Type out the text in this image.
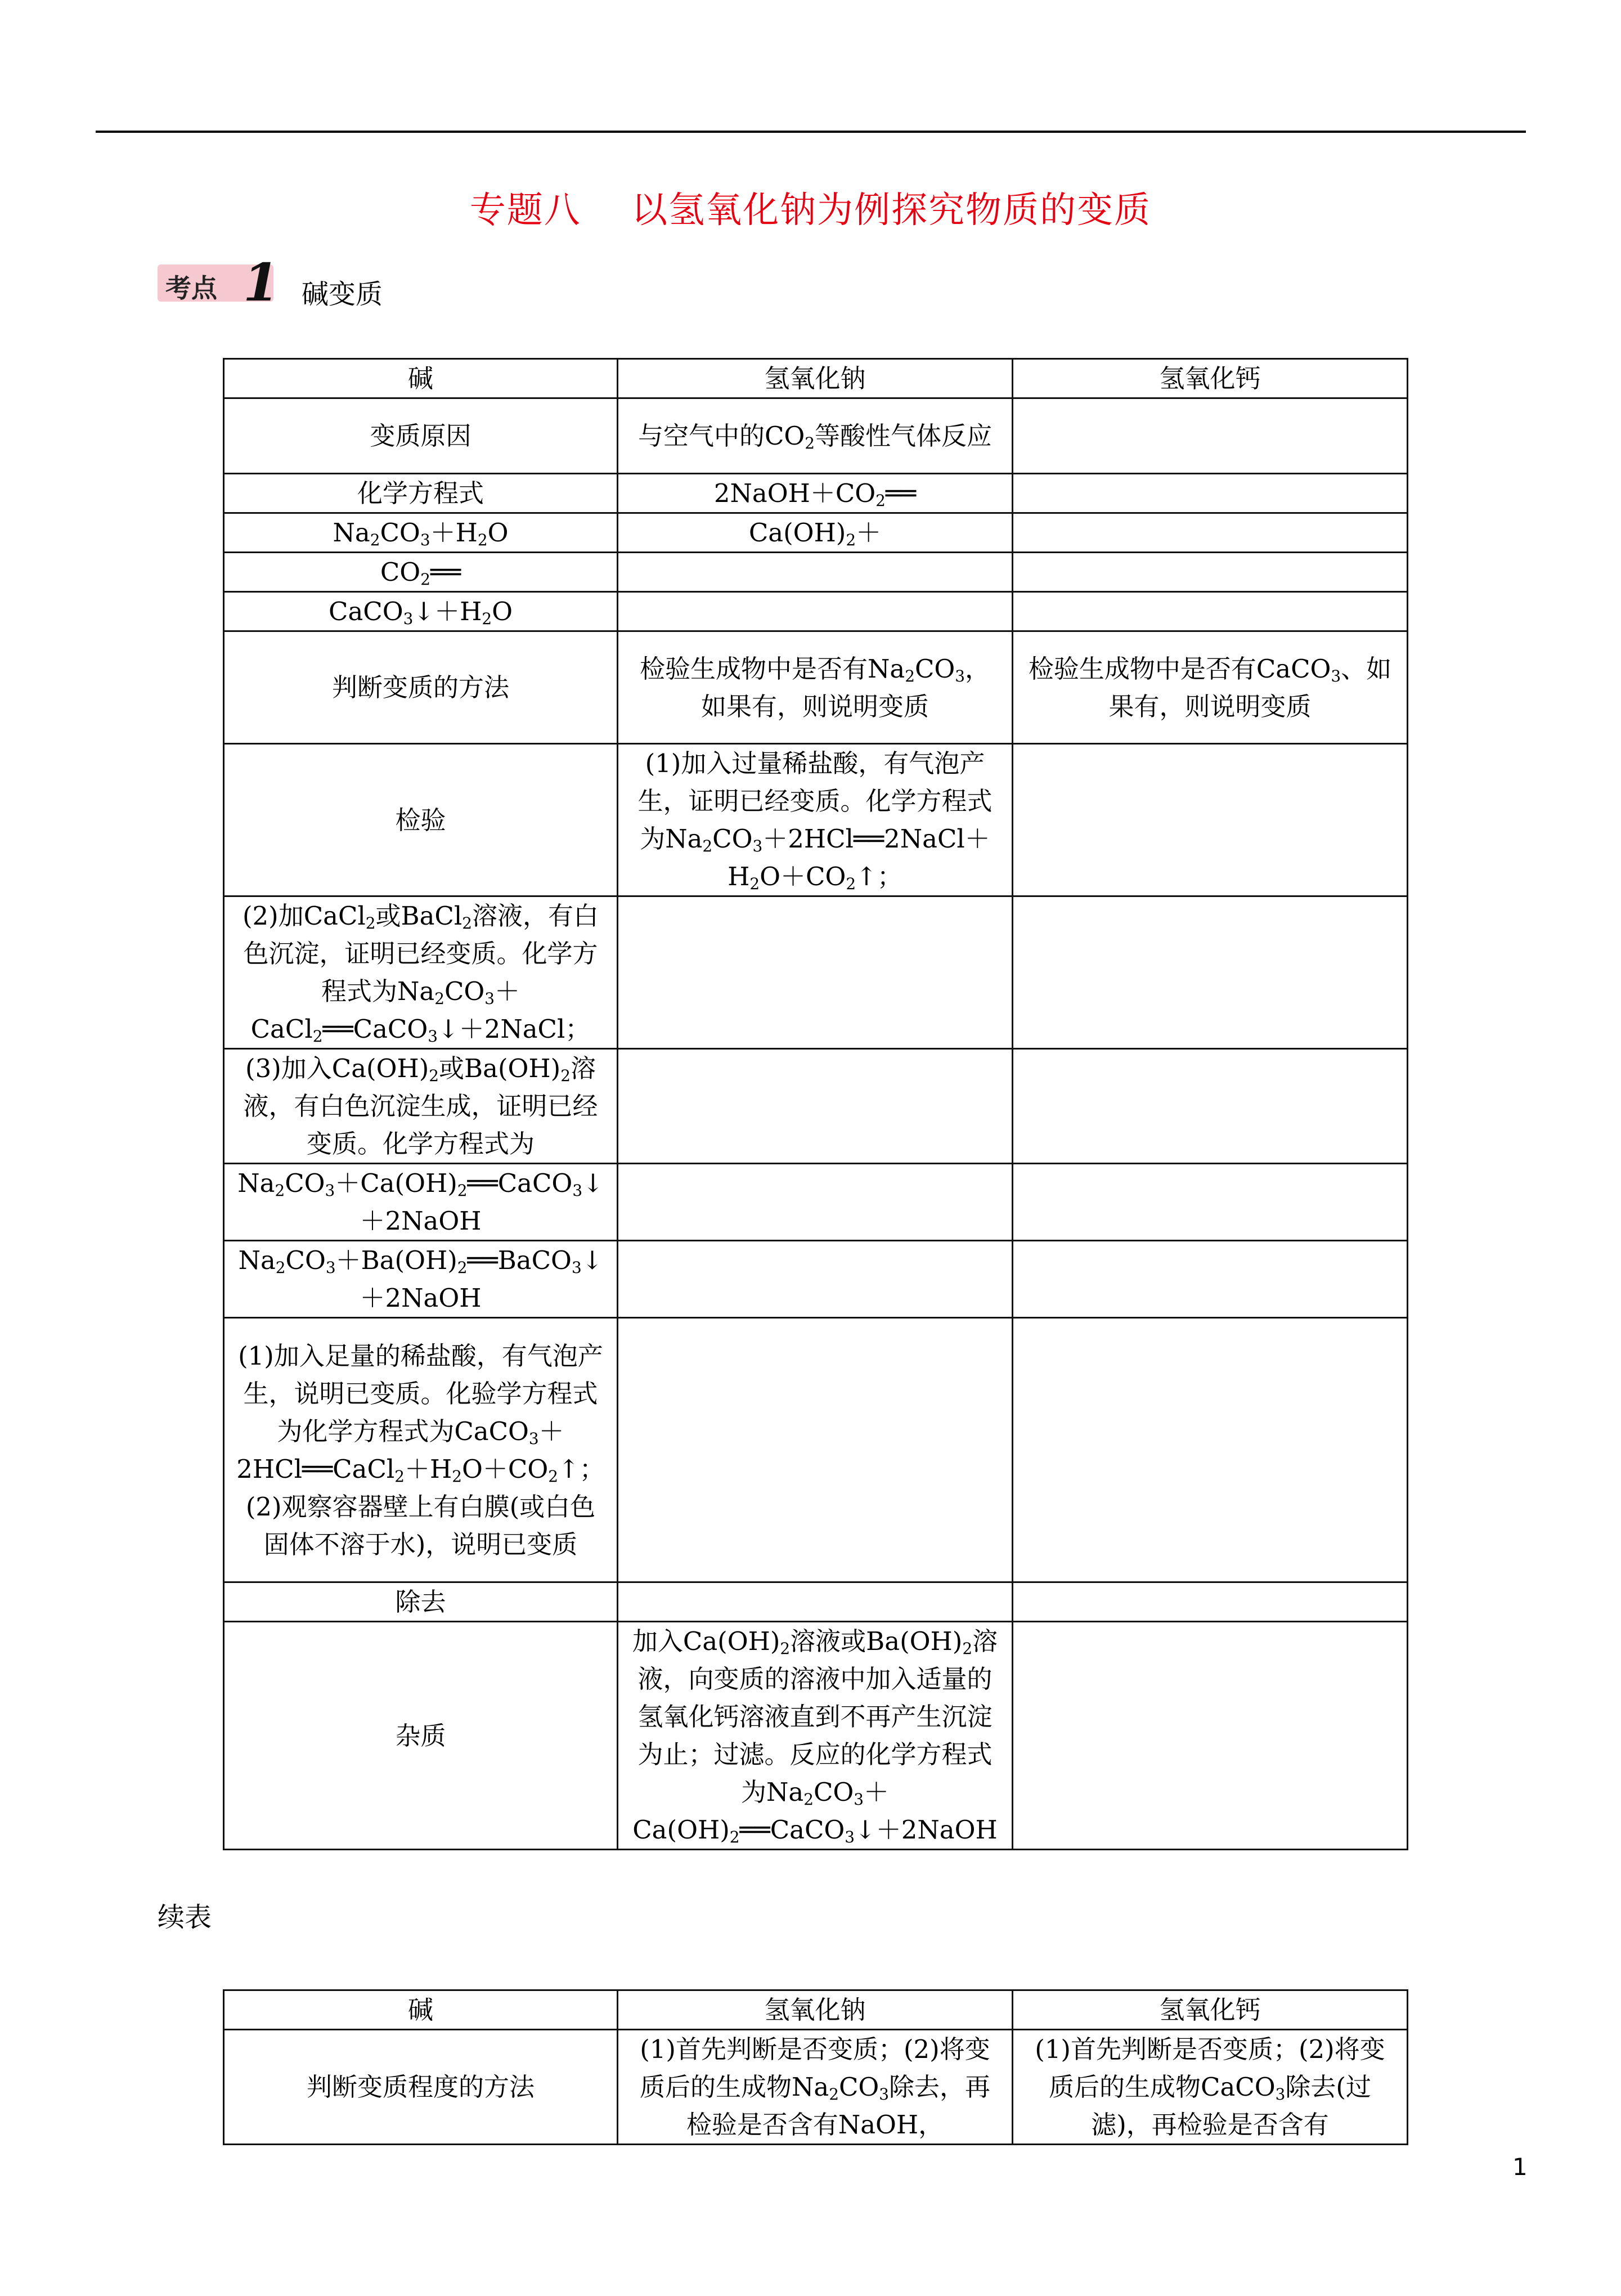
专题八    以氢氧化钠为例探究物质的变质
考点 1 碱变质
碱	氢氧化钠	氢氧化钙
变质原因	与空气中的$CO_2$等酸性气体反应	
化学方程式	$2NaOH+CO_2══$	
$Na_2CO_3+H_2O$	$Ca(OH)_2+$	
$CO_2══$		
$CaCO_3↓+H_2O$		
判断变质的方法	检验生成物中是否有$Na_2CO_3$，如果有，则说明变质	检验生成物中是否有CaCO$_3$、如果有，则说明变质
检验	(1)加入过量稀盐酸，有气泡产生，证明已经变质。化学方程式为$Na_2CO_3+2HCl══2NaCl+H_2O+CO_2↑$；	
(2)加CaCl$_2$或BaCl$_2$溶液，有白色沉淀，证明已经变质。化学方程式为$Na_2CO_3+CaCl_2══CaCO_3↓+2NaCl$；		
(3)加入$Ca(OH)_2$或$Ba(OH)_2$溶液，有白色沉淀生成，证明已经变质。化学方程式为		
$Na_2CO_3+Ca(OH)_2══CaCO_3↓+2NaOH$		
$Na_2CO_3+Ba(OH)_2══BaCO_3↓+2NaOH$		
(1)加入足量的稀盐酸，有气泡产生，说明已变质。化验学方程式为化学方程式为$CaCO_3+2HCl══CaCl_2+H_2O+CO_2↑$；(2)观察容器壁上有白膜(或白色固体不溶于水)，说明已变质		
除去		
杂质	加入$Ca(OH)_2$溶液或$Ba(OH)_2$溶液，向变质的溶液中加入适量的氢氧化钙溶液直到不再产生沉淀为止；过滤。反应的化学方程式为$Na_2CO_3+Ca(OH)_2══CaCO_3↓+2NaOH$	
续表
碱	氢氧化钠	氢氧化钙
判断变质程度的方法	(1)首先判断是否变质；(2)将变质后的生成物$Na_2CO_3$除去，再检验是否含有NaOH，	(1)首先判断是否变质；(2)将变质后的生成物CaCO$_3$除去(过滤)，再检验是否含有
1
